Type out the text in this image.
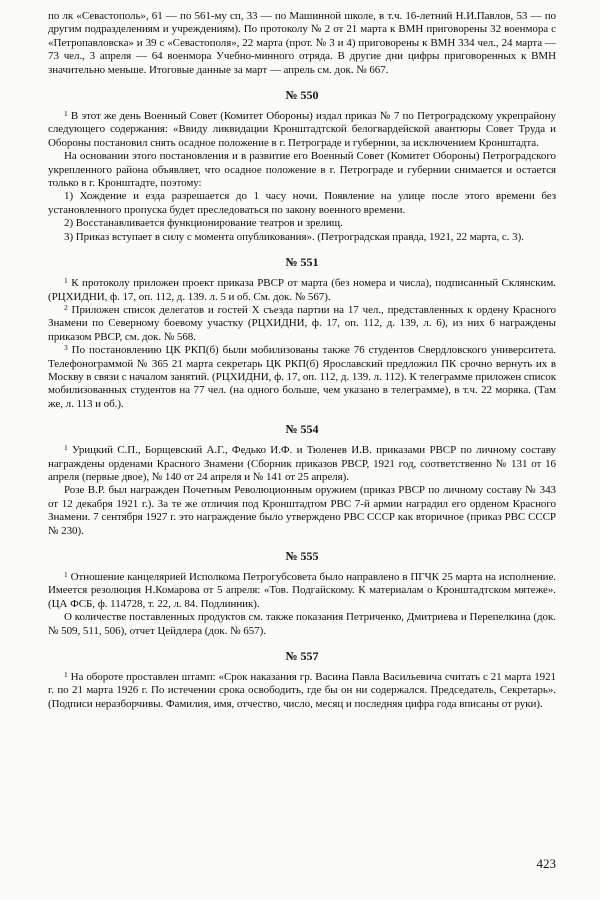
по лк «Севастополь», 61 — по 561-му сп, 33 — по Машинной школе, в т.ч. 16-летний Н.И.Павлов, 53 — по другим подразделениям и учреждениям). По протоколу № 2 от 21 марта к ВМН приговорены 32 военмора с «Петропавловска» и 39 с «Севастополя», 22 марта (прот. № 3 и 4) приговорены к ВМН 334 чел., 24 марта — 73 чел., 3 апреля — 64 военмора Учебно-минного отряда. В другие дни цифры приговоренных к ВМН значительно меньше. Итоговые данные за март — апрель см. док. № 667.

№ 550

$^1$ В этот же день Военный Совет (Комитет Обороны) издал приказ № 7 по Петроградскому укрепрайону следующего содержания: «Ввиду ликвидации Кронштадтской белогвардейской авантюры Совет Труда и Обороны постановил снять осадное положение в г. Петрограде и губернии, за исключением Кронштадта.

На основании этого постановления и в развитие его Военный Совет (Комитет Обороны) Петроградского укрепленного района объявляет, что осадное положение в г. Петрограде и губернии снимается и остается только в г. Кронштадте, поэтому:

1) Хождение и езда разрешается до 1 часу ночи. Появление на улице после этого времени без установленного пропуска будет преследоваться по закону военного времени.

2) Восстанавливается функционирование театров и зрелищ.

3) Приказ вступает в силу с момента опубликования». (Петроградская правда, 1921, 22 марта, с. 3).

№ 551

$^1$ К протоколу приложен проект приказа РВСР от марта (без номера и числа), подписанный Склянским. (РЦХИДНИ, ф. 17, оп. 112, д. 139. л. 5 и об. См. док. № 567).

$^2$ Приложен список делегатов и гостей X съезда партии на 17 чел., представленных к ордену Красного Знамени по Северному боевому участку (РЦХИДНИ, ф. 17, оп. 112, д. 139, л. 6), из них 6 награждены приказом РВСР, см. док. № 568.

$^3$ По постановлению ЦК РКП(б) были мобилизованы также 76 студентов Свердловского университета. Телефонограммой № 365 21 марта секретарь ЦК РКП(б) Ярославский предложил ПК срочно вернуть их в Москву в связи с началом занятий. (РЦХИДНИ, ф. 17, оп. 112, д. 139. л. 112). К телеграмме приложен список мобилизованных студентов на 77 чел. (на одного больше, чем указано в телеграмме), в т.ч. 22 моряка. (Там же, л. 113 и об.).

№ 554

$^1$ Урицкий С.П., Борщевский А.Г., Федько И.Ф. и Тюленев И.В. приказами РВСР по личному составу награждены орденами Красного Знамени (Сборник приказов РВСР, 1921 год, соответственно № 131 от 16 апреля (первые двое), № 140 от 24 апреля и № 141 от 25 апреля).

Розе В.Р. был награжден Почетным Революционным оружием (приказ РВСР по личному составу № 343 от 12 декабря 1921 г.). За те же отличия под Кронштадтом РВС 7-й армии наградил его орденом Красного Знамени. 7 сентября 1927 г. это награждение было утверждено РВС СССР как вторичное (приказ РВС СССР № 230).

№ 555

$^1$ Отношение канцелярией Исполкома Петрогубсовета было направлено в ПГЧК 25 марта на исполнение. Имеется резолюция Н.Комарова от 5 апреля: «Тов. Подгайскому. К материалам о Кронштадтском мятеже». (ЦА ФСБ, ф. 114728, т. 22, л. 84. Подлинник).

О количестве поставленных продуктов см. также показания Петриченко, Дмитриева и Перепелкина (док. № 509, 511, 506), отчет Цейдлера (док. № 657).

№ 557

$^1$ На обороте проставлен штамп: «Срок наказания гр. Васина Павла Васильевича считать с 21 марта 1921 г. по 21 марта 1926 г. По истечении срока освободить, где бы он ни содержался. Председатель, Секретарь». (Подписи неразборчивы. Фамилия, имя, отчество, число, месяц и последняя цифра года вписаны от руки).

423
